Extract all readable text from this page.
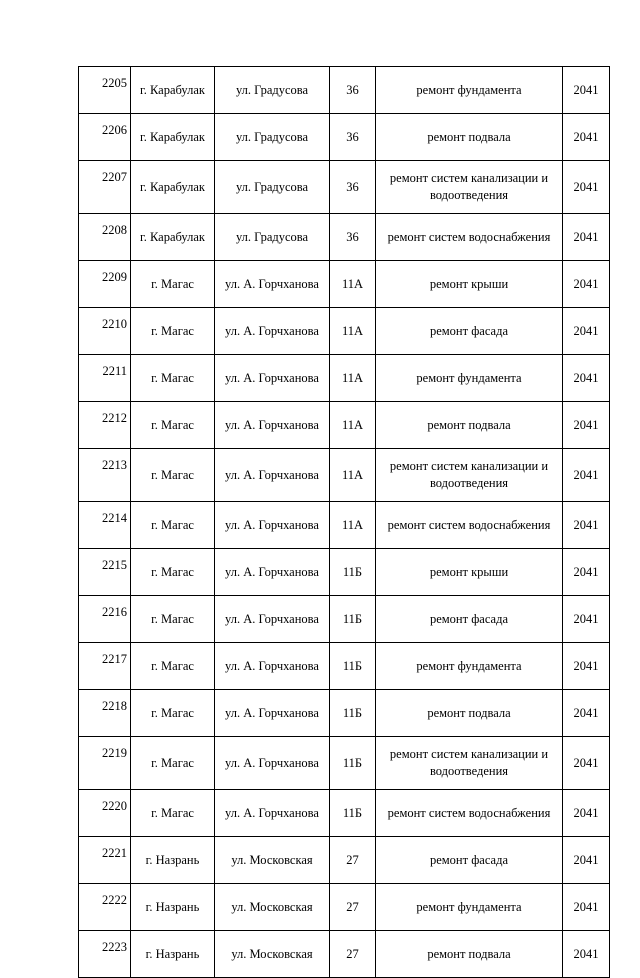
2205	г. Карабулак	ул. Градусова	36	ремонт фундамента	2041
2206	г. Карабулак	ул. Градусова	36	ремонт подвала	2041
2207	г. Карабулак	ул. Градусова	36	ремонт систем канализации и водоотведения	2041
2208	г. Карабулак	ул. Градусова	36	ремонт систем водоснабжения	2041
2209	г. Магас	ул. А. Горчханова	11А	ремонт крыши	2041
2210	г. Магас	ул. А. Горчханова	11А	ремонт фасада	2041
2211	г. Магас	ул. А. Горчханова	11А	ремонт фундамента	2041
2212	г. Магас	ул. А. Горчханова	11А	ремонт подвала	2041
2213	г. Магас	ул. А. Горчханова	11А	ремонт систем канализации и водоотведения	2041
2214	г. Магас	ул. А. Горчханова	11А	ремонт систем водоснабжения	2041
2215	г. Магас	ул. А. Горчханова	11Б	ремонт крыши	2041
2216	г. Магас	ул. А. Горчханова	11Б	ремонт фасада	2041
2217	г. Магас	ул. А. Горчханова	11Б	ремонт фундамента	2041
2218	г. Магас	ул. А. Горчханова	11Б	ремонт подвала	2041
2219	г. Магас	ул. А. Горчханова	11Б	ремонт систем канализации и водоотведения	2041
2220	г. Магас	ул. А. Горчханова	11Б	ремонт систем водоснабжения	2041
2221	г. Назрань	ул. Московская	27	ремонт фасада	2041
2222	г. Назрань	ул. Московская	27	ремонт фундамента	2041
2223	г. Назрань	ул. Московская	27	ремонт подвала	2041
